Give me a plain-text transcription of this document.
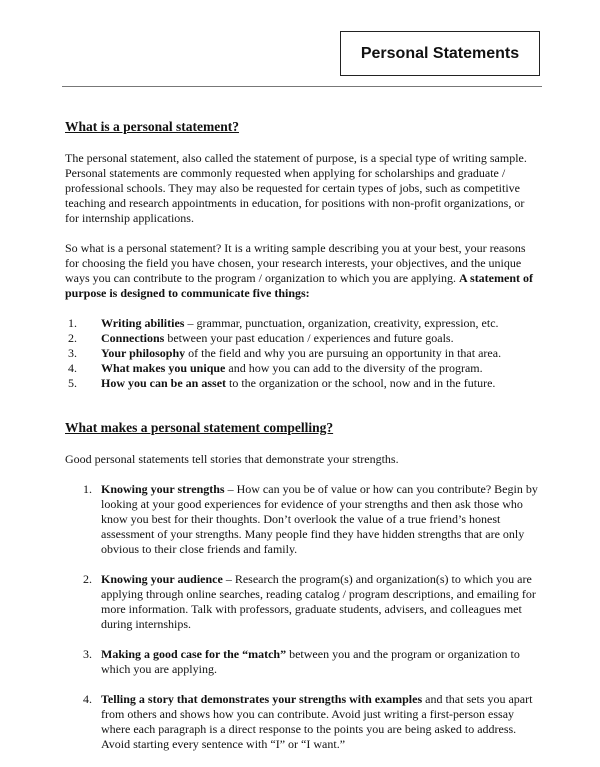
Personal Statements
What is a personal statement?

The personal statement, also called the statement of purpose, is a special type of writing sample. Personal statements are commonly requested when applying for scholarships and graduate / professional schools. They may also be requested for certain types of jobs, such as competitive teaching and research appointments in education, for positions with non-profit organizations, or for internship applications.

So what is a personal statement? It is a writing sample describing you at your best, your reasons for choosing the field you have chosen, your research interests, your objectives, and the unique ways you can contribute to the program / organization to which you are applying. A statement of purpose is designed to communicate five things:

1.	Writing abilities – grammar, punctuation, organization, creativity, expression, etc.
2.	Connections between your past education / experiences and future goals.
3.	Your philosophy of the field and why you are pursuing an opportunity in that area.
4.	What makes you unique and how you can add to the diversity of the program.
5.	How you can be an asset to the organization or the school, now and in the future.
What makes a personal statement compelling?

Good personal statements tell stories that demonstrate your strengths.

1. Knowing your strengths – How can you be of value or how can you contribute? Begin by looking at your good experiences for evidence of your strengths and then ask those who know you best for their thoughts. Don’t overlook the value of a true friend’s honest assessment of your strengths. Many people find they have hidden strengths that are only obvious to their close friends and family.
2. Knowing your audience – Research the program(s) and organization(s) to which you are applying through online searches, reading catalog / program descriptions, and emailing for more information. Talk with professors, graduate students, advisers, and colleagues met during internships.
3. Making a good case for the “match” between you and the program or organization to which you are applying.
4. Telling a story that demonstrates your strengths with examples and that sets you apart from others and shows how you can contribute. Avoid just writing a first-person essay where each paragraph is a direct response to the points you are being asked to address. Avoid starting every sentence with “I” or “I want.”
